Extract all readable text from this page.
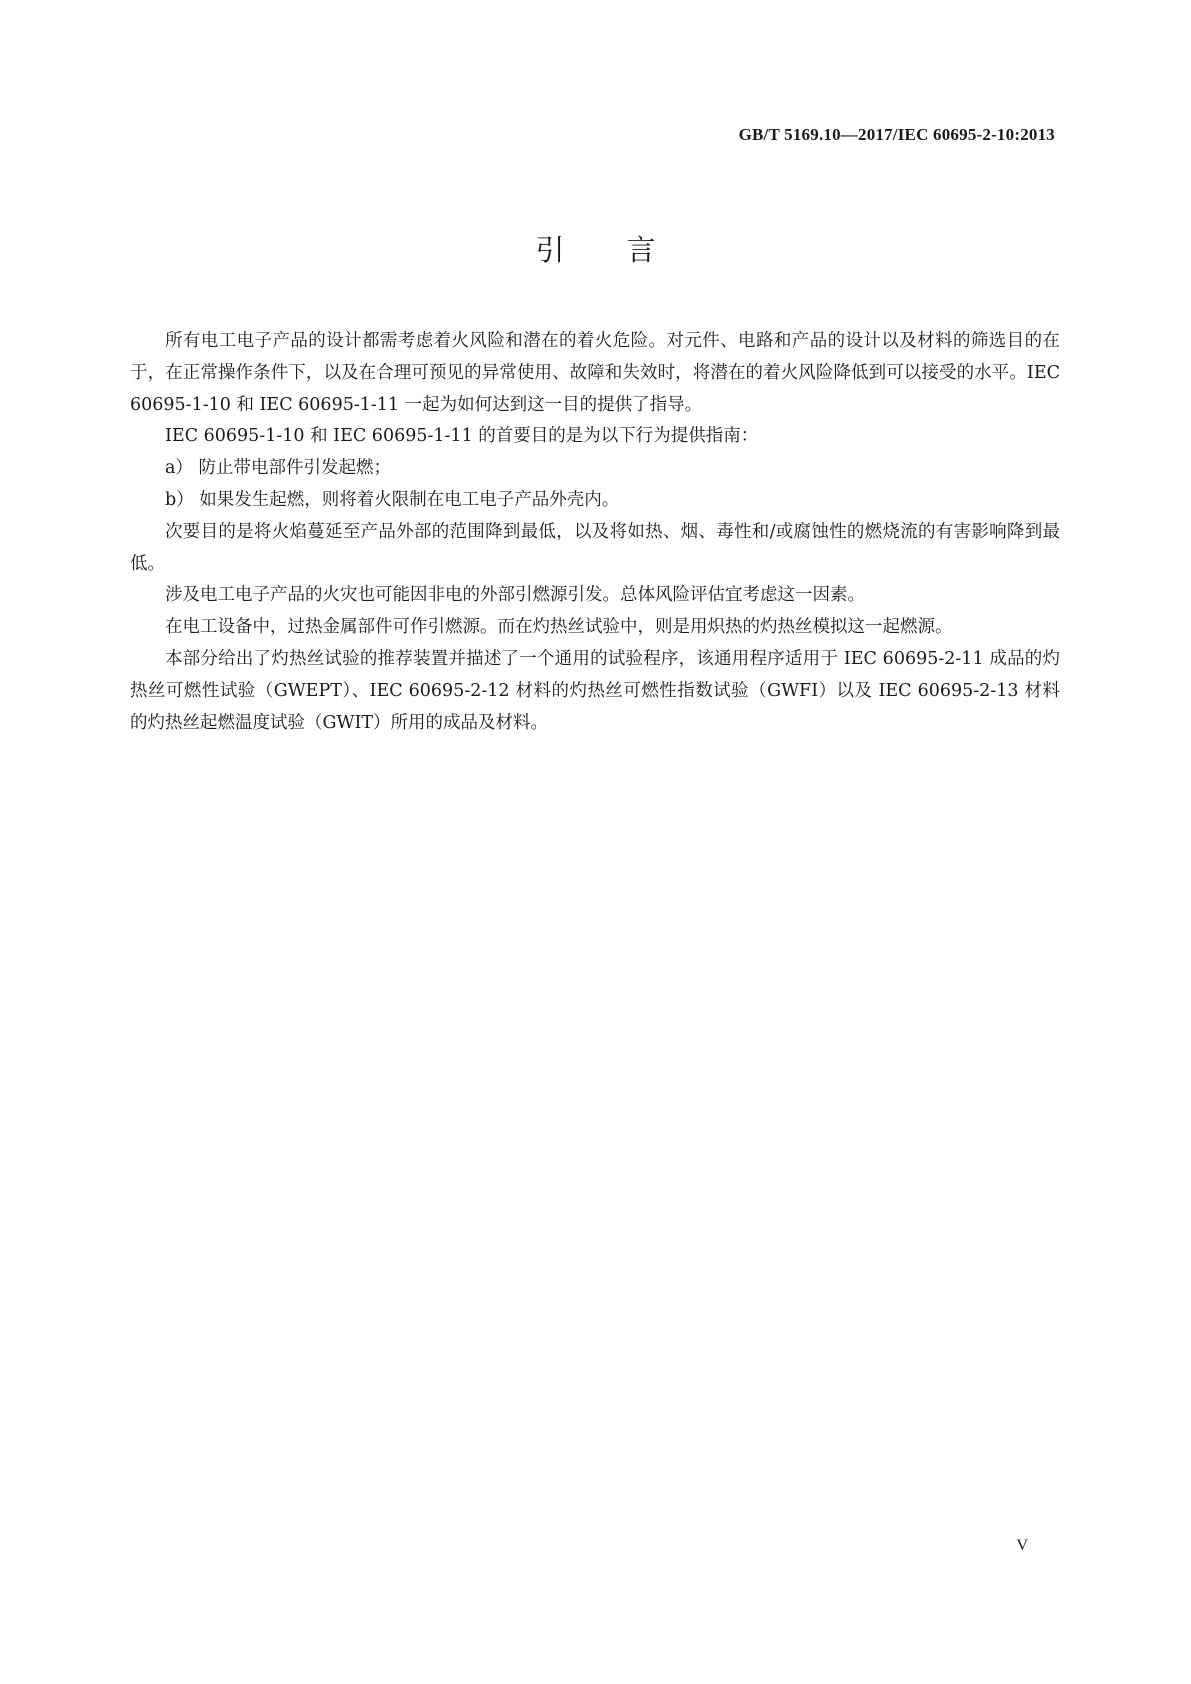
GB/T 5169.10—2017/IEC 60695-2-10:2013
引言

所有电工电子产品的设计都需考虑着火风险和潜在的着火危险。对元件、电路和产品的设计以及材料的筛选目的在于，在正常操作条件下，以及在合理可预见的异常使用、故障和失效时，将潜在的着火风险降低到可以接受的水平。IEC 60695-1-10 和 IEC 60695-1-11 一起为如何达到这一目的提供了指导。

IEC 60695-1-10 和 IEC 60695-1-11 的首要目的是为以下行为提供指南：

a） 防止带电部件引发起燃；

b） 如果发生起燃，则将着火限制在电工电子产品外壳内。

次要目的是将火焰蔓延至产品外部的范围降到最低，以及将如热、烟、毒性和/或腐蚀性的燃烧流的有害影响降到最低。

涉及电工电子产品的火灾也可能因非电的外部引燃源引发。总体风险评估宜考虑这一因素。

在电工设备中，过热金属部件可作引燃源。而在灼热丝试验中，则是用炽热的灼热丝模拟这一起燃源。

本部分给出了灼热丝试验的推荐装置并描述了一个通用的试验程序，该通用程序适用于 IEC 60695-2-11 成品的灼热丝可燃性试验（GWEPT）、IEC 60695-2-12 材料的灼热丝可燃性指数试验（GWFI）以及 IEC 60695-2-13 材料的灼热丝起燃温度试验（GWIT）所用的成品及材料。

V
